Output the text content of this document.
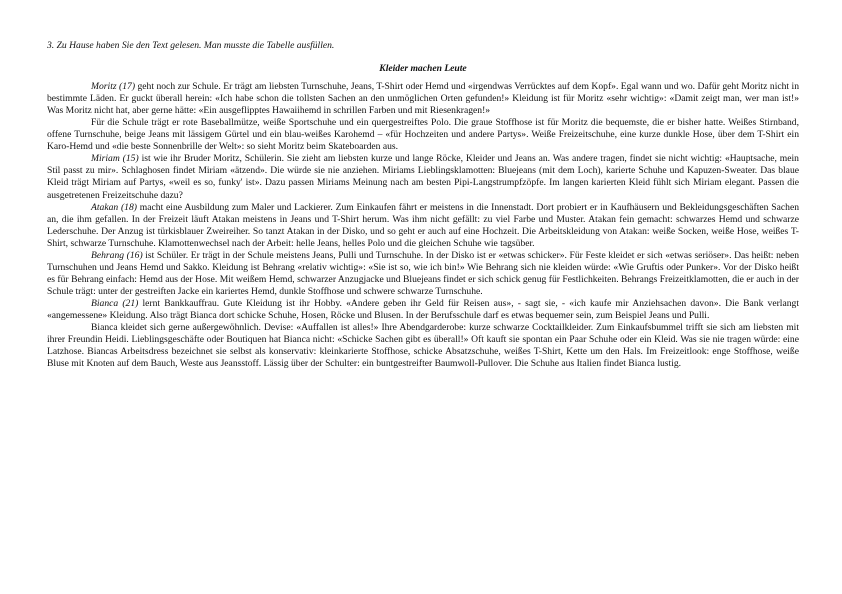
3. Zu Hause haben Sie den Text gelesen. Man musste die Tabelle ausfüllen.

Kleider machen Leute

Moritz (17) geht noch zur Schule. Er trägt am liebsten Turnschuhe, Jeans, T-Shirt oder Hemd und «irgendwas Verrücktes auf dem Kopf». Egal wann und wo. Dafür geht Moritz nicht in bestimmte Läden. Er guckt überall herein: «Ich habe schon die tollsten Sachen an den unmöglichen Orten gefunden!» Kleidung ist für Moritz «sehr wichtig»: «Damit zeigt man, wer man ist!» Was Moritz nicht hat, aber gerne hätte: «Ein ausgeflipptes Hawaiihemd in schrillen Farben und mit Riesenkragen!»

Für die Schule trägt er rote Baseballmütze, weiße Sportschuhe und ein quergestreiftes Polo. Die graue Stoffhose ist für Moritz die bequemste, die er bisher hatte. Weißes Stirnband, offene Turnschuhe, beige Jeans mit lässigem Gürtel und ein blau-weißes Karohemd – «für Hochzeiten und andere Partys». Weiße Freizeitschuhe, eine kurze dunkle Hose, über dem T-Shirt ein Karo-Hemd und «die beste Sonnenbrille der Welt»: so sieht Moritz beim Skateboarden aus.

Miriam (15) ist wie ihr Bruder Moritz, Schülerin. Sie zieht am liebsten kurze und lange Röcke, Kleider und Jeans an. Was andere tragen, findet sie nicht wichtig: «Hauptsache, mein Stil passt zu mir». Schlaghosen findet Miriam «ätzend». Die würde sie nie anziehen. Miriams Lieblingsklamotten: Bluejeans (mit dem Loch), karierte Schuhe und Kapuzen-Sweater. Das blaue Kleid trägt Miriam auf Partys, «weil es so, funky' ist». Dazu passen Miriams Meinung nach am besten Pipi-Langstrumpfzöpfe. Im langen karierten Kleid fühlt sich Miriam elegant. Passen die ausgetretenen Freizeitschuhe dazu?

Atakan (18) macht eine Ausbildung zum Maler und Lackierer. Zum Einkaufen fährt er meistens in die Innenstadt. Dort probiert er in Kaufhäusern und Bekleidungsgeschäften Sachen an, die ihm gefallen. In der Freizeit läuft Atakan meistens in Jeans und T-Shirt herum. Was ihm nicht gefällt: zu viel Farbe und Muster. Atakan fein gemacht: schwarzes Hemd und schwarze Lederschuhe. Der Anzug ist türkisblauer Zweireiher. So tanzt Atakan in der Disko, und so geht er auch auf eine Hochzeit. Die Arbeitskleidung von Atakan: weiße Socken, weiße Hose, weißes T-Shirt, schwarze Turnschuhe. Klamottenwechsel nach der Arbeit: helle Jeans, helles Polo und die gleichen Schuhe wie tagsüber.

Behrang (16) ist Schüler. Er trägt in der Schule meistens Jeans, Pulli und Turnschuhe. In der Disko ist er «etwas schicker». Für Feste kleidet er sich «etwas seriöser». Das heißt: neben Turnschuhen und Jeans Hemd und Sakko. Kleidung ist Behrang «relativ wichtig»: «Sie ist so, wie ich bin!» Wie Behrang sich nie kleiden würde: «Wie Gruftis oder Punker». Vor der Disko heißt es für Behrang einfach: Hemd aus der Hose. Mit weißem Hemd, schwarzer Anzugjacke und Bluejeans findet er sich schick genug für Festlichkeiten. Behrangs Freizeitklamotten, die er auch in der Schule trägt: unter der gestreiften Jacke ein kariertes Hemd, dunkle Stoffhose und schwere schwarze Turnschuhe.

Bianca (21) lernt Bankkauffrau. Gute Kleidung ist ihr Hobby. «Andere geben ihr Geld für Reisen aus», - sagt sie, - «ich kaufe mir Anziehsachen davon». Die Bank verlangt «angemessene» Kleidung. Also trägt Bianca dort schicke Schuhe, Hosen, Röcke und Blusen. In der Berufsschule darf es etwas bequemer sein, zum Beispiel Jeans und Pulli.

Bianca kleidet sich gerne außergewöhnlich. Devise: «Auffallen ist alles!» Ihre Abendgarderobe: kurze schwarze Cocktailkleider. Zum Einkaufsbummel trifft sie sich am liebsten mit ihrer Freundin Heidi. Lieblingsgeschäfte oder Boutiquen hat Bianca nicht: «Schicke Sachen gibt es überall!» Oft kauft sie spontan ein Paar Schuhe oder ein Kleid. Was sie nie tragen würde: eine Latzhose. Biancas Arbeitsdress bezeichnet sie selbst als konservativ: kleinkarierte Stoffhose, schicke Absatzschuhe, weißes T-Shirt, Kette um den Hals. Im Freizeitlook: enge Stoffhose, weiße Bluse mit Knoten auf dem Bauch, Weste aus Jeansstoff. Lässig über der Schulter: ein buntgestreifter Baumwoll-Pullover. Die Schuhe aus Italien findet Bianca lustig.
